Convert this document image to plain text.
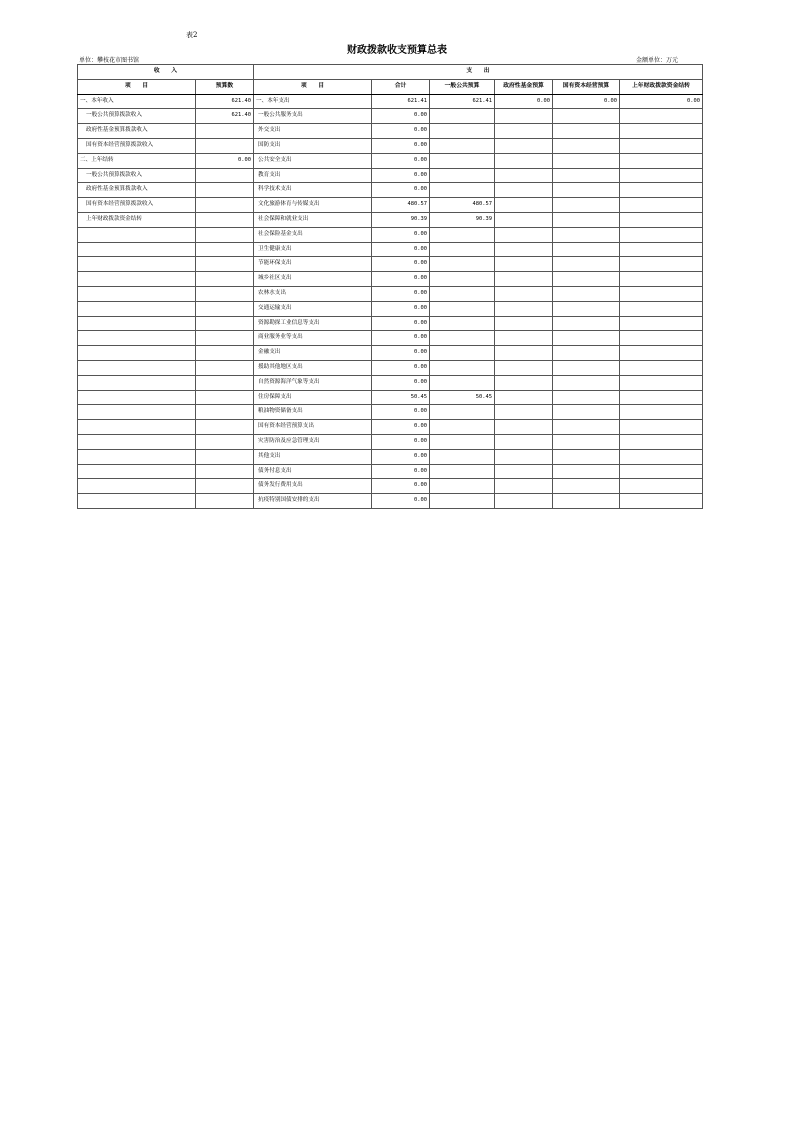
表2
财政拨款收支预算总表
单位：攀枝花市图书馆	金额单位：万元
收　　入		支　　出					
项　　目	预算数	项　　目	合计	一般公共预算	政府性基金预算	国有资本经营预算	上年财政拨款资金结转
一、本年收入	621.40	一、本年支出	621.41	621.41	0.00	0.00	0.00
一般公共预算拨款收入	621.40	一般公共服务支出	0.00				
政府性基金预算拨款收入		外交支出	0.00				
国有资本经营预算拨款收入		国防支出	0.00				
二、上年结转	0.00	公共安全支出	0.00				
一般公共预算拨款收入		教育支出	0.00				
政府性基金预算拨款收入		科学技术支出	0.00				
国有资本经营预算拨款收入		文化旅游体育与传媒支出	480.57	480.57			
上年财政拨款资金结转		社会保障和就业支出	90.39	90.39			
		社会保险基金支出	0.00				
		卫生健康支出	0.00				
		节能环保支出	0.00				
		城乡社区支出	0.00				
		农林水支出	0.00				
		交通运输支出	0.00				
		资源勘探工业信息等支出	0.00				
		商业服务业等支出	0.00				
		金融支出	0.00				
		援助其他地区支出	0.00				
		自然资源海洋气象等支出	0.00				
		住房保障支出	50.45	50.45			
		粮油物资储备支出	0.00				
		国有资本经营预算支出	0.00				
		灾害防治及应急管理支出	0.00				
		其他支出	0.00				
		债务付息支出	0.00				
		债务发行费用支出	0.00				
		抗疫特别国债安排的支出	0.00				
